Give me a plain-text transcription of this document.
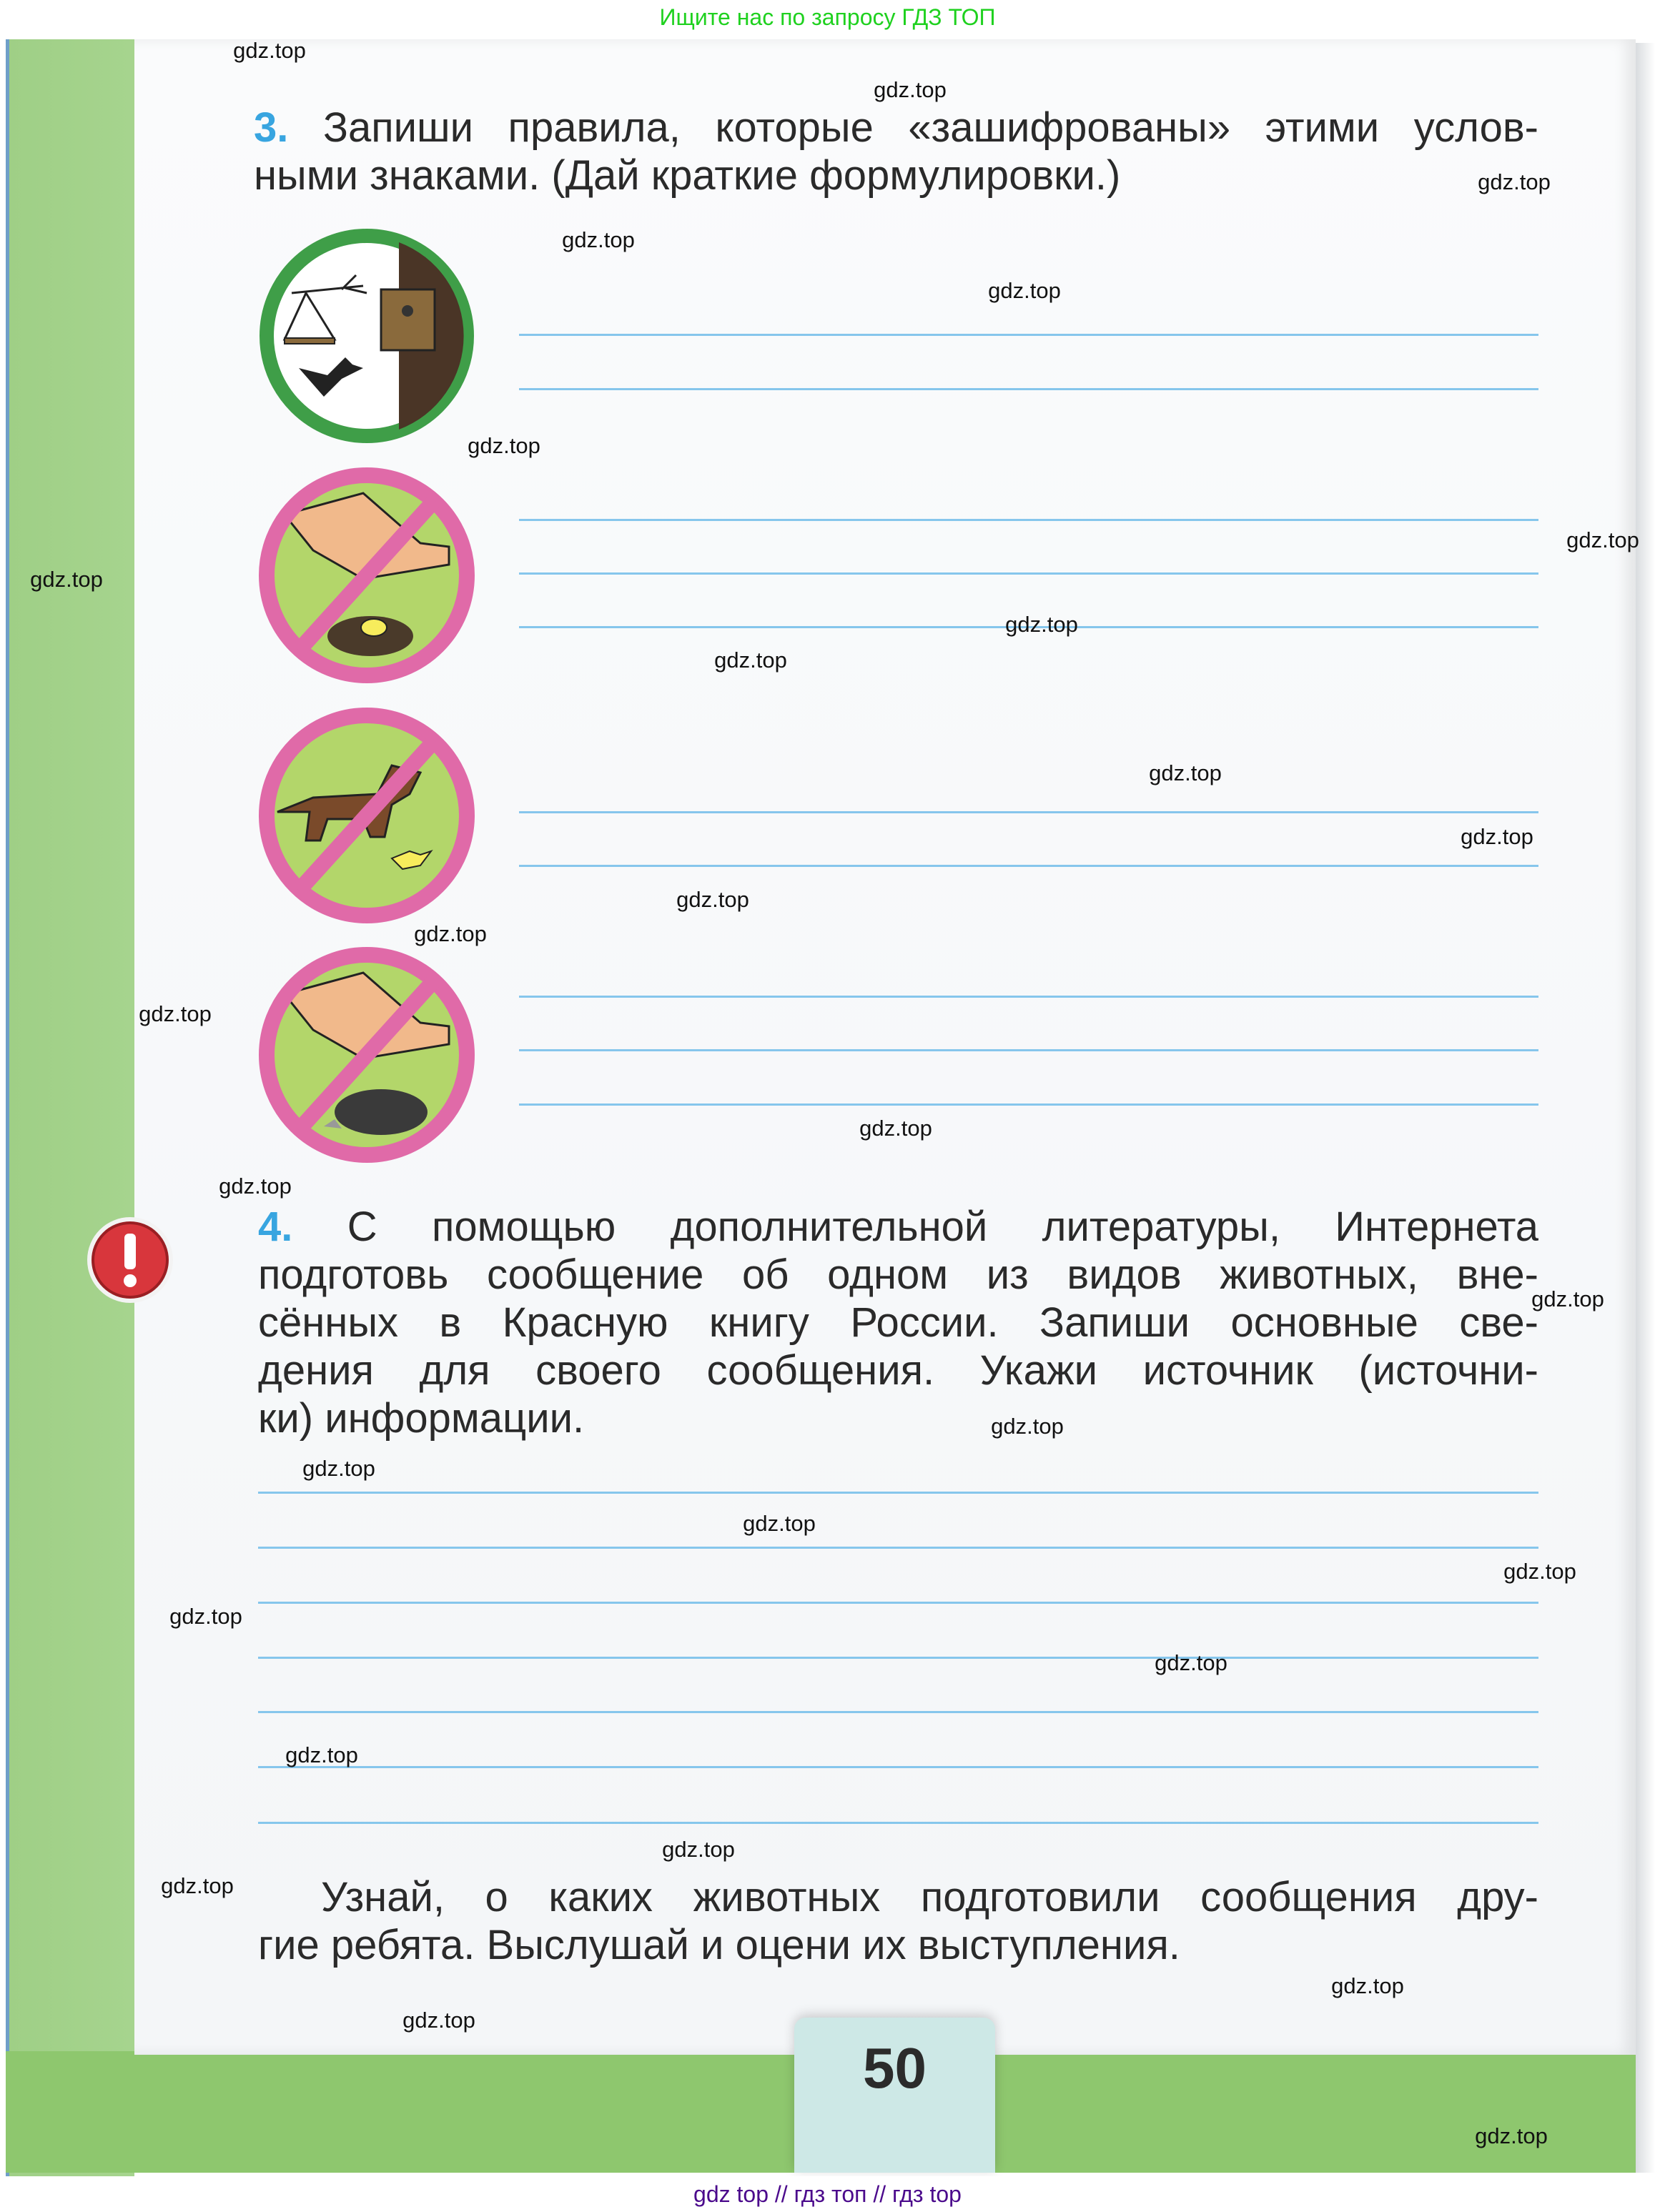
Ищите нас по запросу ГДЗ ТОП
3. Запиши правила, которые «зашифрованы» этими услов-
ными знаками. (Дай краткие формулировки.)
4. С помощью дополнительной литературы, Интернета
подготовь сообщение об одном из видов животных, вне-
сённых в Красную книгу России. Запиши основные све-
дения для своего сообщения. Укажи источник (источни-
ки) информации.
Узнай, о каких животных подготовили сообщения дру-
гие ребята. Выслушай и оцени их выступления.
50
gdz top // гдз топ // гдз top
gdz.top
gdz.top
gdz.top
gdz.top
gdz.top
gdz.top
gdz.top
gdz.top
gdz.top
gdz.top
gdz.top
gdz.top
gdz.top
gdz.top
gdz.top
gdz.top
gdz.top
gdz.top
gdz.top
gdz.top
gdz.top
gdz.top
gdz.top
gdz.top
gdz.top
gdz.top
gdz.top
gdz.top
gdz.top
gdz.top
